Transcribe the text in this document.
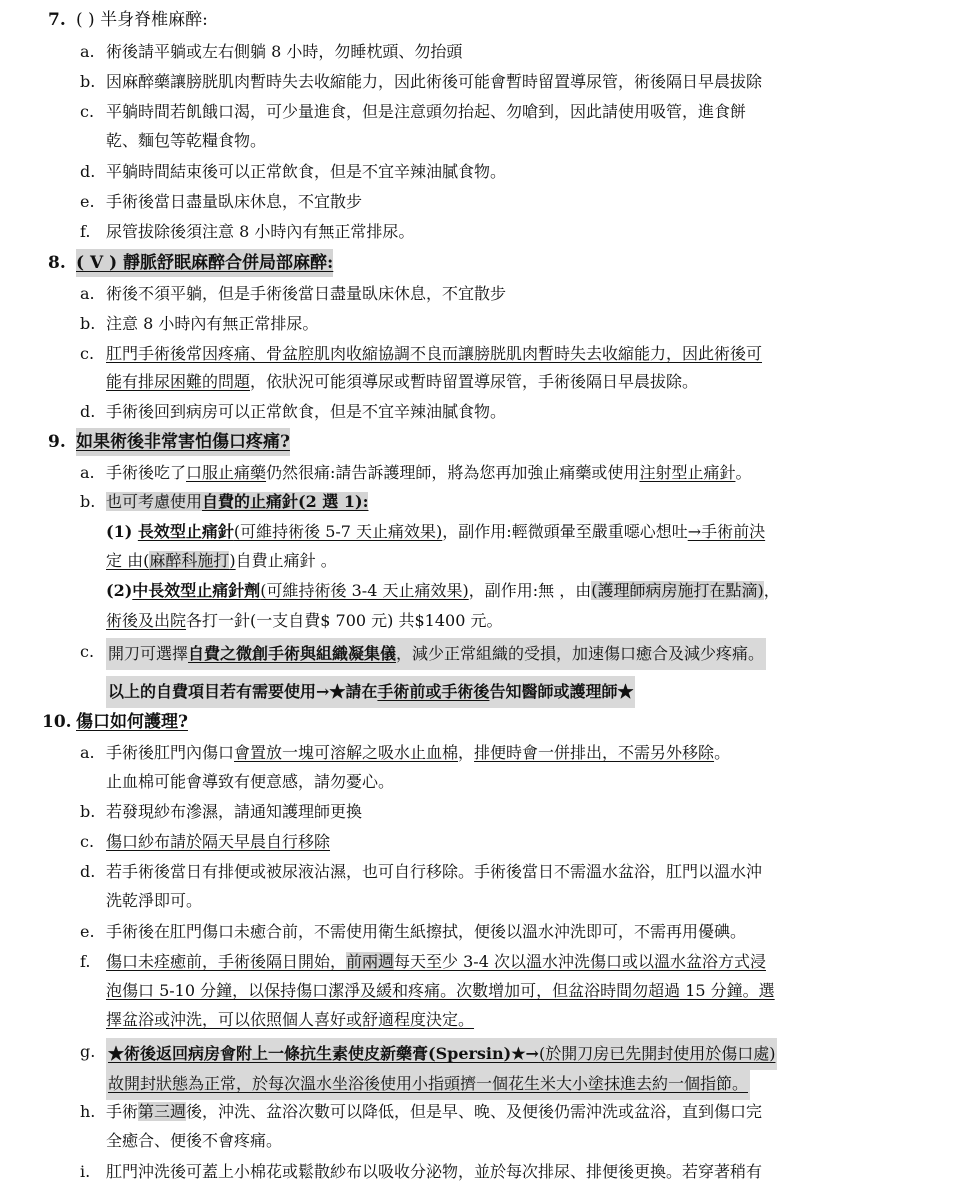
7. ( ) 半身脊椎麻醉:
a. 術後請平躺或左右側躺 8 小時，勿睡枕頭、勿抬頭
b. 因麻醉藥讓膀胱肌肉暫時失去收縮能力，因此術後可能會暫時留置導尿管，術後隔日早晨拔除
c. 平躺時間若飢餓口渴，可少量進食，但是注意頭勿抬起、勿嗆到，因此請使用吸管，進食餅
乾、麵包等乾糧食物。
d. 平躺時間結束後可以正常飲食，但是不宜辛辣油膩食物。
e. 手術後當日盡量臥床休息，不宜散步
f. 尿管拔除後須注意 8 小時內有無正常排尿。
8. ( V ) 靜脈舒眠麻醉合併局部麻醉:
a. 術後不須平躺，但是手術後當日盡量臥床休息，不宜散步
b. 注意 8 小時內有無正常排尿。
c. 肛門手術後常因疼痛、骨盆腔肌肉收縮協調不良而讓膀胱肌肉暫時失去收縮能力，因此術後可
能有排尿困難的問題，依狀況可能須導尿或暫時留置導尿管，手術後隔日早晨拔除。
d. 手術後回到病房可以正常飲食，但是不宜辛辣油膩食物。
9. 如果術後非常害怕傷口疼痛?
a. 手術後吃了口服止痛藥仍然很痛:請告訴護理師，將為您再加強止痛藥或使用注射型止痛針。
b. 也可考慮使用自費的止痛針(2 選 1):
(1) 長效型止痛針(可維持術後 5-7 天止痛效果)，副作用:輕微頭暈至嚴重噁心想吐→手術前決
定 由(麻醉科施打)自費止痛針 。
(2)中長效型止痛針劑(可維持術後 3-4 天止痛效果)，副作用:無 ，由(護理師病房施打在點滴)，
術後及出院各打一針(一支自費$ 700 元) 共$1400 元。
c. 開刀可選擇自費之微創手術與組織凝集儀，減少正常組織的受損，加速傷口癒合及減少疼痛。
以上的自費項目若有需要使用→★請在手術前或手術後告知醫師或護理師★
10. 傷口如何護理?
a. 手術後肛門內傷口會置放一塊可溶解之吸水止血棉，排便時會一併排出，不需另外移除。
止血棉可能會導致有便意感，請勿憂心。
b. 若發現紗布滲濕，請通知護理師更換
c. 傷口紗布請於隔天早晨自行移除
d. 若手術後當日有排便或被尿液沾濕，也可自行移除。手術後當日不需溫水盆浴，肛門以溫水沖
洗乾淨即可。
e. 手術後在肛門傷口未癒合前，不需使用衛生紙擦拭，便後以溫水沖洗即可，不需再用優碘。
f. 傷口未痊癒前，手術後隔日開始，前兩週每天至少 3-4 次以溫水沖洗傷口或以溫水盆浴方式浸
泡傷口 5-10 分鐘，以保持傷口潔淨及緩和疼痛。次數增加可，但盆浴時間勿超過 15 分鐘。選
擇盆浴或沖洗，可以依照個人喜好或舒適程度決定。
g. ★術後返回病房會附上一條抗生素使皮新藥膏(Spersin)★→(於開刀房已先開封使用於傷口處)
故開封狀態為正常，於每次溫水坐浴後使用小指頭擠一個花生米大小塗抹進去約一個指節。
h. 手術第三週後，沖洗、盆浴次數可以降低，但是早、晚、及便後仍需沖洗或盆浴，直到傷口完
全癒合、便後不會疼痛。
i. 肛門沖洗後可蓋上小棉花或鬆散紗布以吸收分泌物，並於每次排尿、排便後更換。若穿著稍有
